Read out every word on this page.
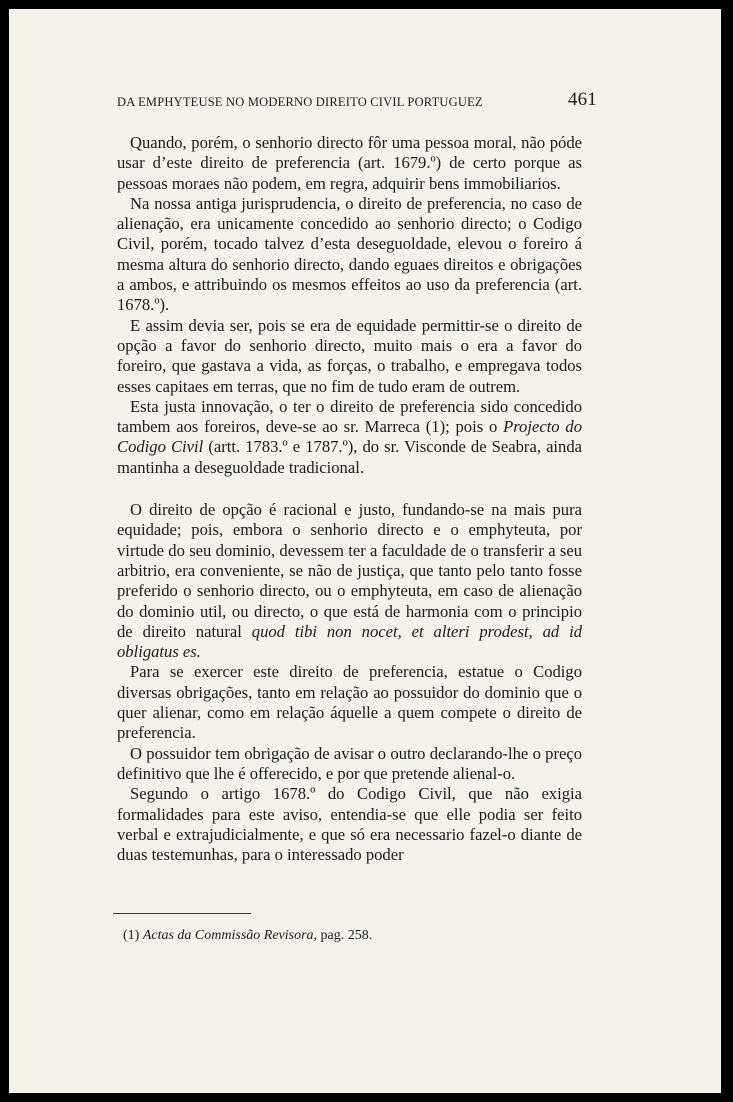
DA EMPHYTEUSE NO MODERNO DIREITO CIVIL PORTUGUEZ	461

Quando, porém, o senhorio directo fôr uma pessoa moral, não póde usar d’este direito de preferencia (art. 1679.º) de certo porque as pessoas moraes não podem, em regra, adquirir bens immobiliarios.

Na nossa antiga jurisprudencia, o direito de preferencia, no caso de alienação, era unicamente concedido ao senhorio directo; o Codigo Civil, porém, tocado talvez d’esta deseguoldade, elevou o foreiro á mesma altura do senhorio directo, dando eguaes direitos e obrigações a ambos, e attribuindo os mesmos effeitos ao uso da preferencia (art. 1678.º).

E assim devia ser, pois se era de equidade permittir-se o direito de opção a favor do senhorio directo, muito mais o era a favor do foreiro, que gastava a vida, as forças, o trabalho, e empregava todos esses capitaes em terras, que no fim de tudo eram de outrem.

Esta justa innovação, o ter o direito de preferencia sido concedido tambem aos foreiros, deve-se ao sr. Marreca (1); pois o Projecto do Codigo Civil (artt. 1783.º e 1787.º), do sr. Visconde de Seabra, ainda mantinha a deseguoldade tradicional.

O direito de opção é racional e justo, fundando-se na mais pura equidade; pois, embora o senhorio directo e o emphyteuta, por virtude do seu dominio, devessem ter a faculdade de o transferir a seu arbitrio, era conveniente, se não de justiça, que tanto pelo tanto fosse preferido o senhorio directo, ou o emphyteuta, em caso de alienação do dominio util, ou directo, o que está de harmonia com o principio de direito natural quod tibi non nocet, et alteri prodest, ad id obligatus es.

Para se exercer este direito de preferencia, estatue o Codigo diversas obrigações, tanto em relação ao possuidor do dominio que o quer alienar, como em relação áquelle a quem compete o direito de preferencia.

O possuidor tem obrigação de avisar o outro declarando-lhe o preço definitivo que lhe é offerecido, e por que pretende alienal-o.

Segundo o artigo 1678.º do Codigo Civil, que não exigia formalidades para este aviso, entendia-se que elle podia ser feito verbal e extrajudicialmente, e que só era necessario fazel-o diante de duas testemunhas, para o interessado poder

(1) Actas da Commissão Revisora, pag. 258.
